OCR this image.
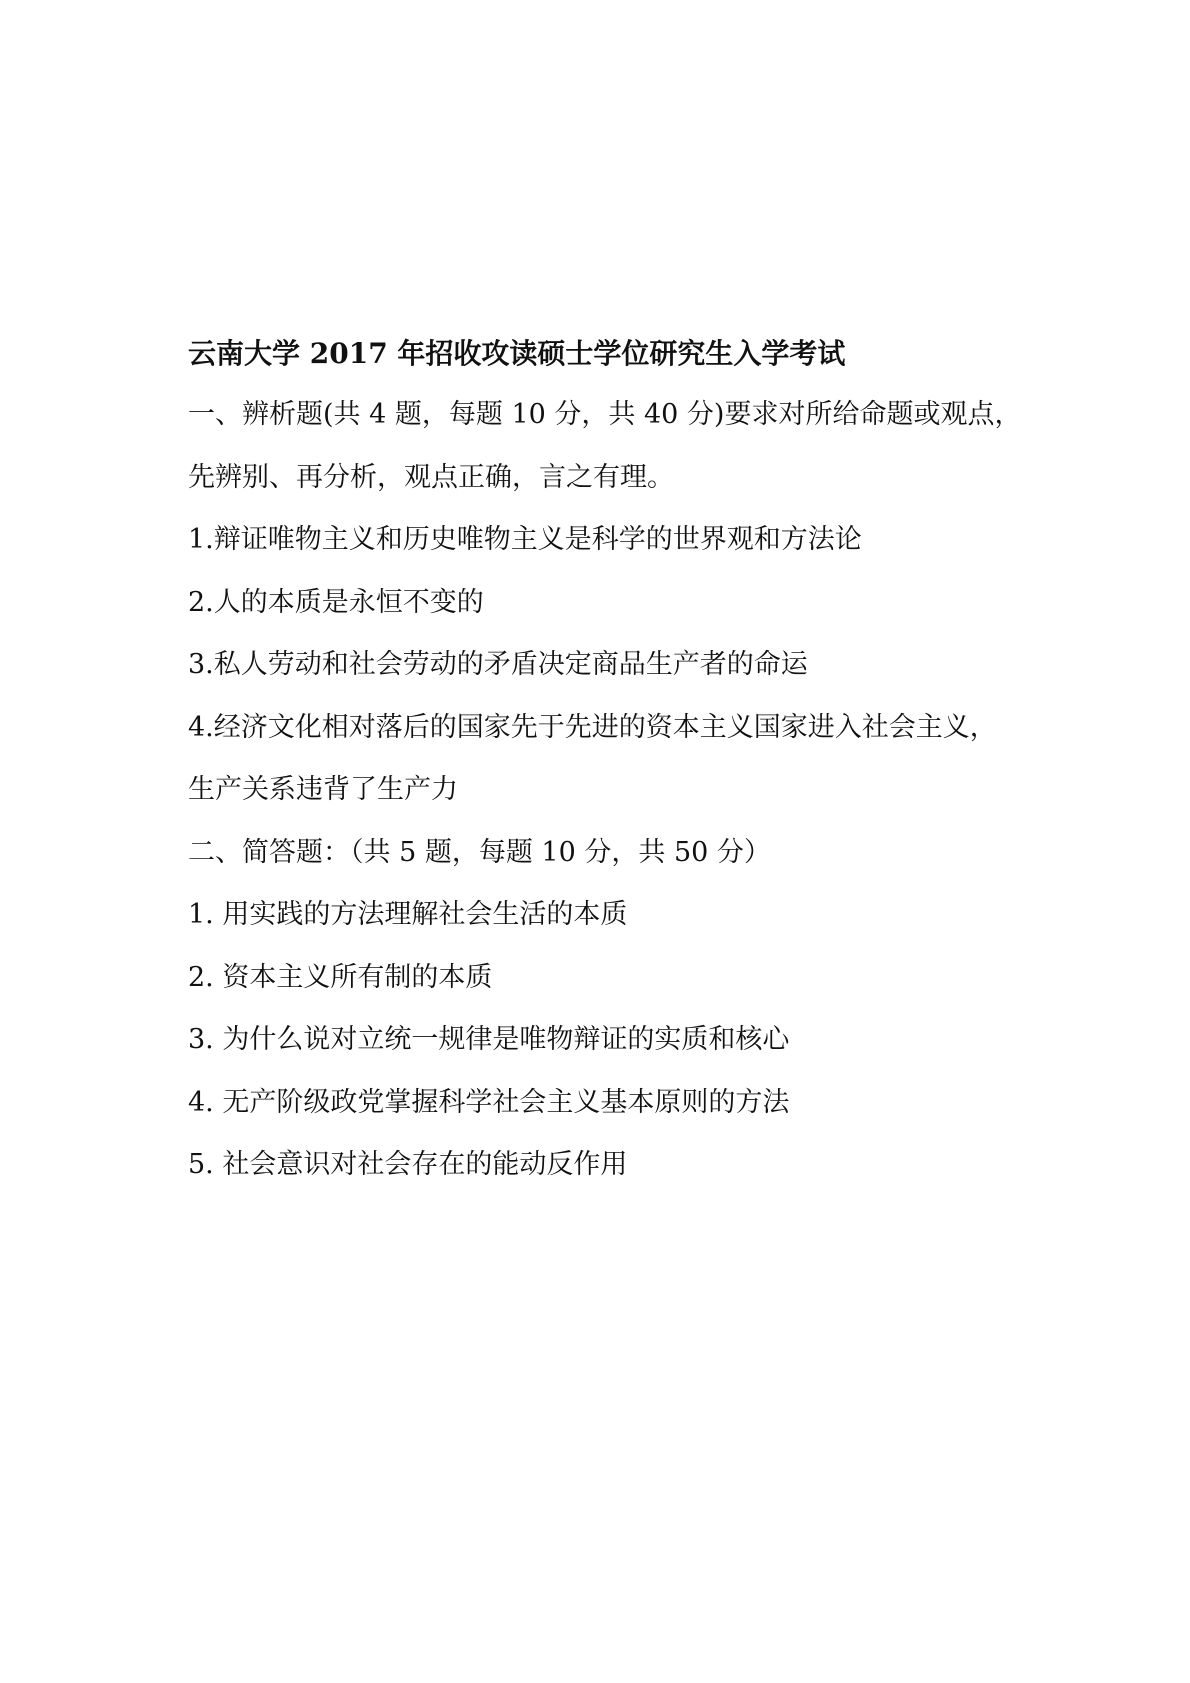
云南大学 2017 年招收攻读硕士学位研究生入学考试
一、辨析题(共 4 题，每题 10 分，共 40 分)要求对所给命题或观点，
先辨别、再分析，观点正确，言之有理。
1.辩证唯物主义和历史唯物主义是科学的世界观和方法论
2.人的本质是永恒不变的
3.私人劳动和社会劳动的矛盾决定商品生产者的命运
4.经济文化相对落后的国家先于先进的资本主义国家进入社会主义，
生产关系违背了生产力
二、简答题：（共 5 题，每题 10 分，共 50 分）
1. 用实践的方法理解社会生活的本质
2. 资本主义所有制的本质
3. 为什么说对立统一规律是唯物辩证的实质和核心
4. 无产阶级政党掌握科学社会主义基本原则的方法
5. 社会意识对社会存在的能动反作用
